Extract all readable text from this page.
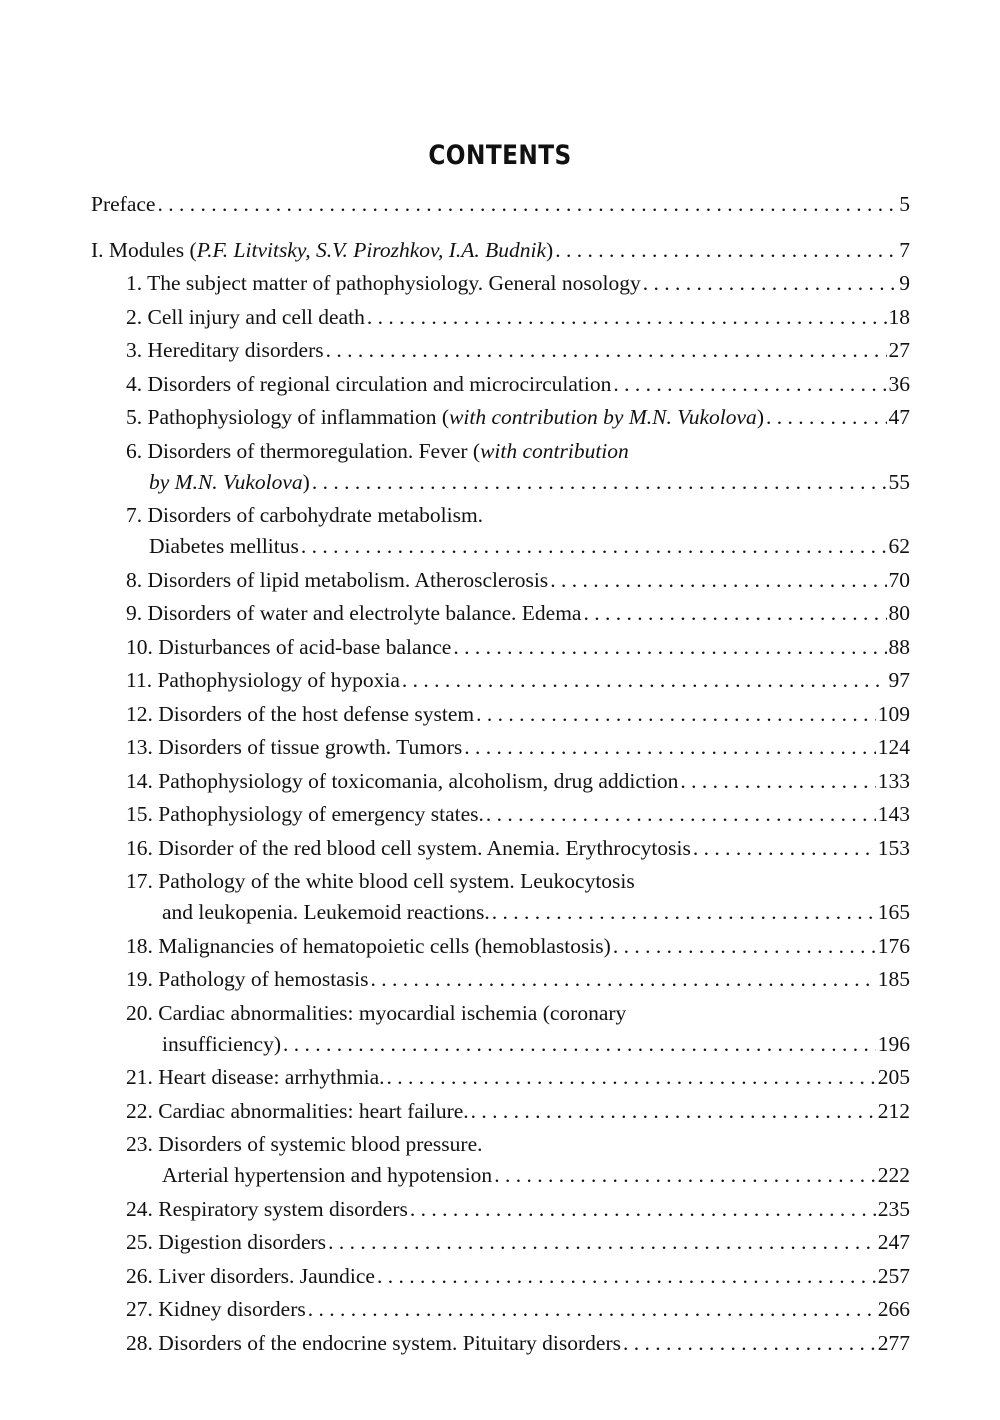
CONTENTS
Preface . . .	5
I. Modules (P.F. Litvitsky, S.V. Pirozhkov, I.A. Budnik) . . .	7
1. The subject matter of pathophysiology. General nosology . . .	9
2. Cell injury and cell death . . .	18
3. Hereditary disorders . . .	27
4. Disorders of regional circulation and microcirculation . . .	36
5. Pathophysiology of inflammation (with contribution by M.N. Vukolova) . . .	47
6. Disorders of thermoregulation. Fever (with contribution
by M.N. Vukolova) . . .	55
7. Disorders of carbohydrate metabolism.
Diabetes mellitus . . .	62
8. Disorders of lipid metabolism. Atherosclerosis . . .	70
9. Disorders of water and electrolyte balance. Edema . . .	80
10. Disturbances of acid-base balance . . .	88
11. Pathophysiology of hypoxia . . .	97
12. Disorders of the host defense system . . .	109
13. Disorders of tissue growth. Tumors . . .	124
14. Pathophysiology of toxicomania, alcoholism, drug addiction . . .	133
15. Pathophysiology of emergency states. . . .	143
16. Disorder of the red blood cell system. Anemia. Erythrocytosis . . .	153
17. Pathology of the white blood cell system. Leukocytosis
and leukopenia. Leukemoid reactions. . . .	165
18. Malignancies of hematopoietic cells (hemoblastosis) . . .	176
19. Pathology of hemostasis . . .	185
20. Cardiac abnormalities: myocardial ischemia (coronary
insufficiency) . . .	196
21. Heart disease: arrhythmia. . . .	205
22. Cardiac abnormalities: heart failure. . . .	212
23. Disorders of systemic blood pressure.
Arterial hypertension and hypotension . . .	222
24. Respiratory system disorders . . .	235
25. Digestion disorders . . .	247
26. Liver disorders. Jaundice . . .	257
27. Kidney disorders . . .	266
28. Disorders of the endocrine system. Pituitary disorders . . .	277
